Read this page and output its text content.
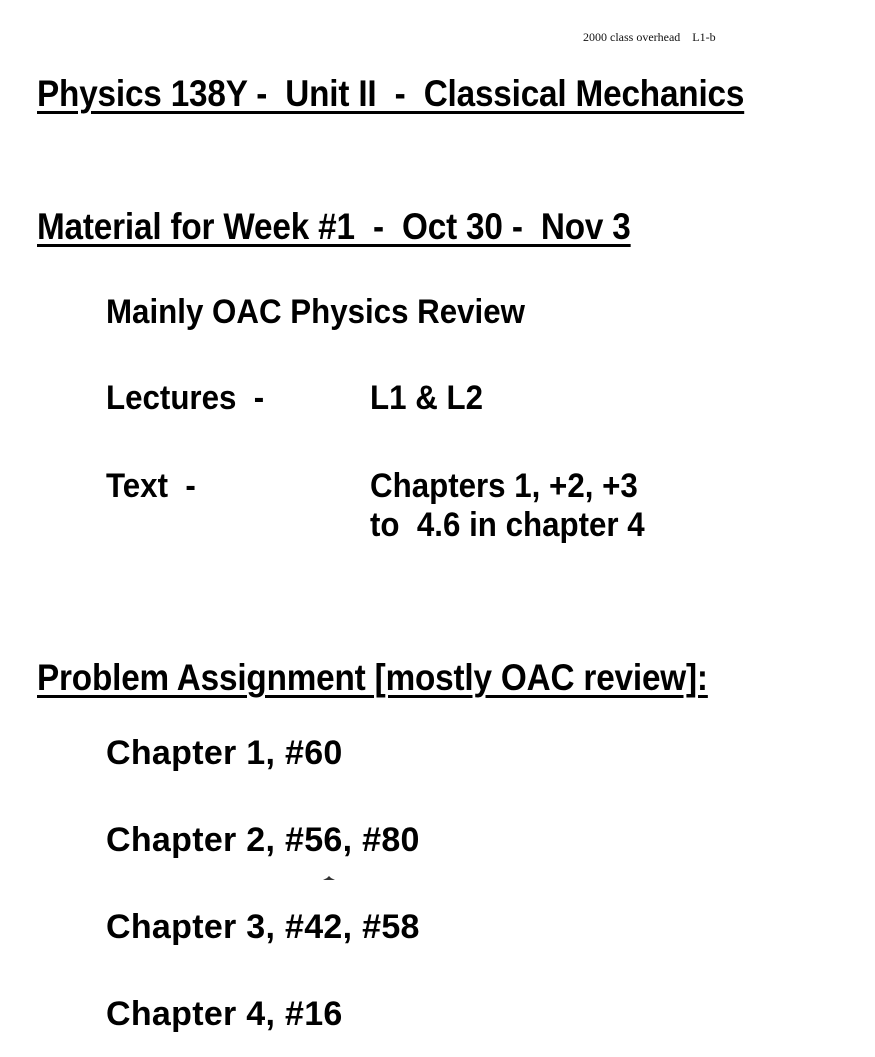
2000 class overhead    L1-b
Physics 138Y -  Unit II  -  Classical Mechanics
Material for Week #1  -  Oct 30 -  Nov 3
Mainly OAC Physics Review
Lectures  -	L1 & L2
Text  -	Chapters 1, +2, +3
to  4.6 in chapter 4
Problem Assignment [mostly OAC review]:
Chapter 1, #60
Chapter 2, #56, #80
Chapter 3, #42, #58
Chapter 4, #16
